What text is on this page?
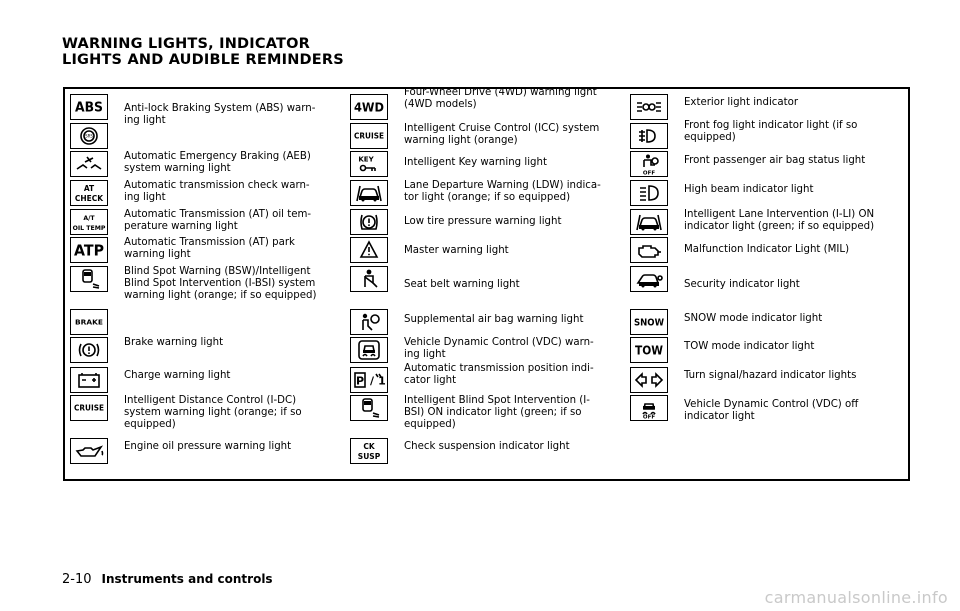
WARNING LIGHTS, INDICATOR
LIGHTS AND AUDIBLE REMINDERS
ABS Anti-lock Braking System (ABS) warn-
ing light
SRS
Automatic Emergency Braking (AEB)
system warning light
AT
CHECK
Automatic transmission check warn-
ing light
A/T
OIL TEMP
Automatic Transmission (AT) oil tem-
perature warning light
ATP Automatic Transmission (AT) park
warning light
Blind Spot Warning (BSW)/Intelligent
Blind Spot Intervention (I-BSI) system
warning light (orange; if so equipped)
BRAKE
Brake warning light
Charge warning light
CRUISE
Intelligent Distance Control (I-DC)
system warning light (orange; if so
equipped)
Engine oil pressure warning light
4WD
Four-Wheel Drive (4WD) warning light
(4WD models)
CRUISE
Intelligent Cruise Control (ICC) system
warning light (orange)
KEY	Intelligent Key warning light
Lane Departure Warning (LDW) indica-
tor light (orange; if so equipped)
Low tire pressure warning light
Master warning light
Seat belt warning light
Supplemental air bag warning light
Vehicle Dynamic Control (VDC) warn-
ing light
P / 1
Automatic transmission position indi-
cator light
Intelligent Blind Spot Intervention (I-
BSI) ON indicator light (green; if so
equipped)
CK
SUSP
Check suspension indicator light
Exterior light indicator
Front fog light indicator light (if so
equipped)
OFF
Front passenger air bag status light
High beam indicator light
Intelligent Lane Intervention (I-LI) ON
indicator light (green; if so equipped)
Malfunction Indicator Light (MIL)
Security indicator light
SNOW SNOW mode indicator light
TOW TOW mode indicator light
Turn signal/hazard indicator lights
OFF
Vehicle Dynamic Control (VDC) off
indicator light
2-10 Instruments and controls
carmanualsonline.info
